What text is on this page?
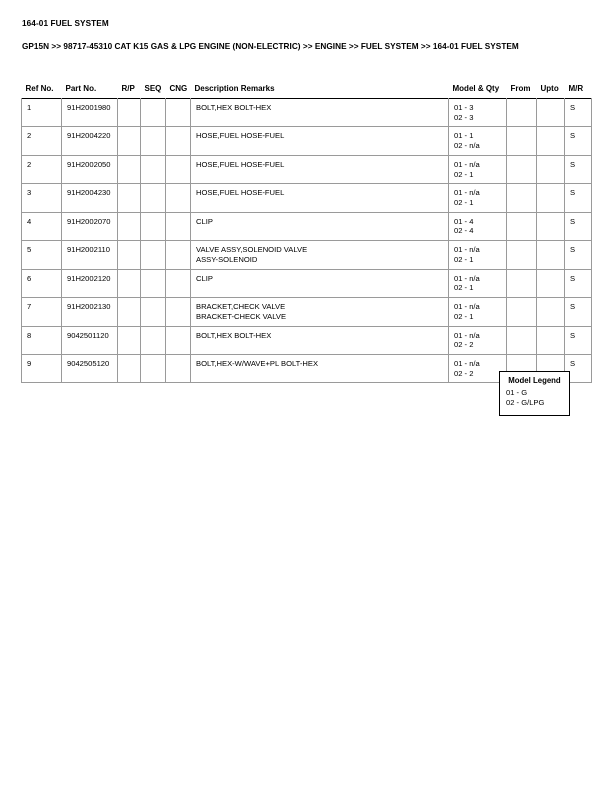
164-01 FUEL SYSTEM
GP15N >> 98717-45310 CAT K15 GAS & LPG ENGINE (NON-ELECTRIC) >> ENGINE >> FUEL SYSTEM >> 164-01 FUEL SYSTEM
Ref No.	Part No.	R/P	SEQ	CNG	Description Remarks	Model & Qty	From	Upto	M/R
1	91H2001980				BOLT,HEX BOLT-HEX	01 - 3
02 - 3			S
2	91H2004220				HOSE,FUEL HOSE-FUEL	01 - 1
02 - n/a			S
2	91H2002050				HOSE,FUEL HOSE-FUEL	01 - n/a
02 - 1			S
3	91H2004230				HOSE,FUEL HOSE-FUEL	01 - n/a
02 - 1			S
4	91H2002070				CLIP	01 - 4
02 - 4			S
5	91H2002110				VALVE ASSY,SOLENOID VALVE
ASSY-SOLENOID	01 - n/a
02 - 1			S
6	91H2002120				CLIP	01 - n/a
02 - 1			S
7	91H2002130				BRACKET,CHECK VALVE
BRACKET-CHECK VALVE	01 - n/a
02 - 1			S
8	9042501120				BOLT,HEX BOLT-HEX	01 - n/a
02 - 2			S
9	9042505120				BOLT,HEX-W/WAVE+PL BOLT-HEX	01 - n/a
02 - 2			S
Model Legend
01 - G
02 - G/LPG
